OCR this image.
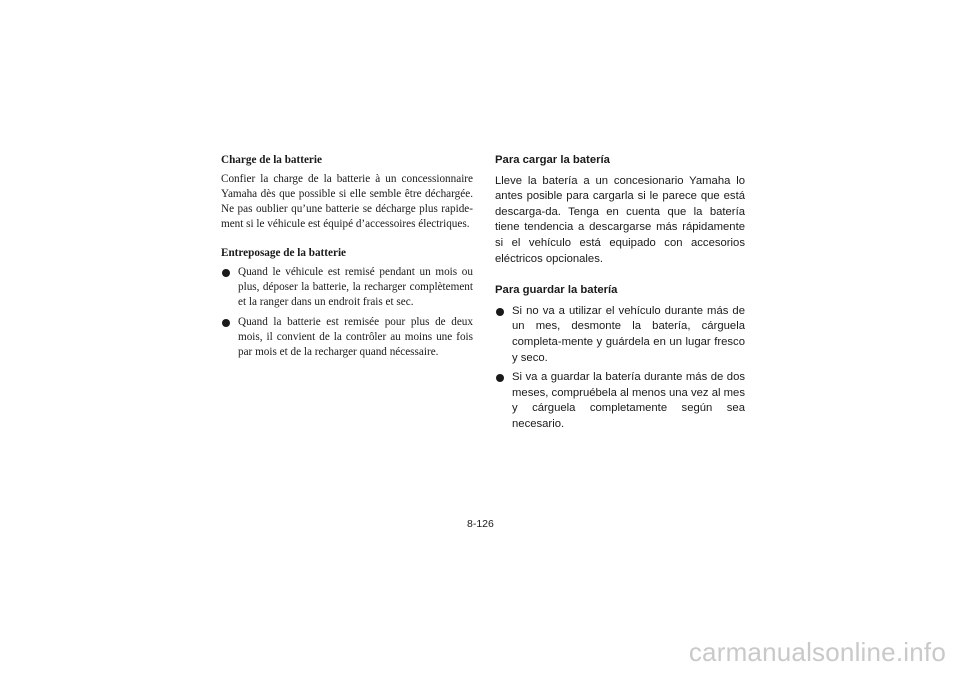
Charge de la batterie

Confier la charge de la batterie à un concessionnaire Yamaha dès que possible si elle semble être déchargée. Ne pas oublier qu’une batterie se décharge plus rapide-ment si le véhicule est équipé d’accessoires électriques.

Entreposage de la batterie

Quand le véhicule est remisé pendant un mois ou plus, déposer la batterie, la recharger complètement et la ranger dans un endroit frais et sec.
Quand la batterie est remisée pour plus de deux mois, il convient de la contrôler au moins une fois par mois et de la recharger quand nécessaire.

Para cargar la batería

Lleve la batería a un concesionario Yamaha lo antes posible para cargarla si le parece que está descarga-da. Tenga en cuenta que la batería tiene tendencia a descargarse más rápidamente si el vehículo está equipado con accesorios eléctricos opcionales.

Para guardar la batería

Si no va a utilizar el vehículo durante más de un mes, desmonte la batería, cárguela completa-mente y guárdela en un lugar fresco y seco.
Si va a guardar la batería durante más de dos meses, compruébela al menos una vez al mes y cárguela completamente según sea necesario.
8-126
carmanualsonline.info
